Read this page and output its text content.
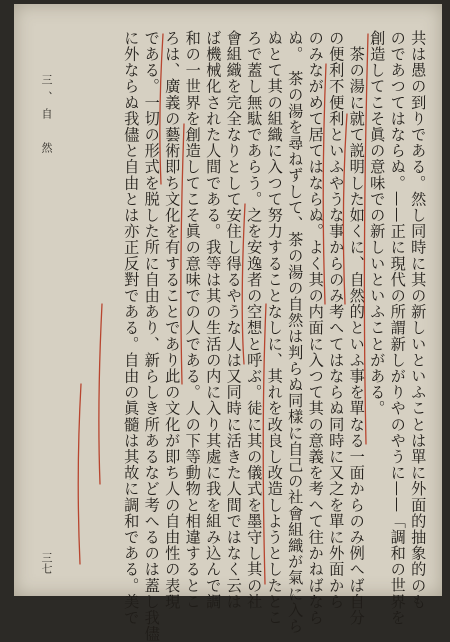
共は愚の到りである。然し同時に其の新しいといふことは單に外面的抽象的のも
のであつてはならぬ。——正に現代の所謂新しがりやのやうに——「調和の世界を
創造してこそ眞の意味での新しいといふことがある。
　茶の湯に就て説明した如くに、自然的といふ事を單なる一面からのみ例へば自分
の便利不便利といふやうな事からのみ考へてはならぬ同時に又之を單に外面から
のみながめて居てはならぬ。よく其の内面に入つて其の意義を考へて往かねばなら
ぬ。　茶の湯を尋ねずして、茶の湯の自然は判らぬ同樣に自己の社會組織が氣に入ら
ぬとて其の組織に入つて努力することなしに、其れを改良し改造しようとしたとこ
ろで蓋し無駄であらう。之を安逸者の空想と呼ぶ。徒に其の儀式を墨守し其の社
會組織を完全なりとして安住し得るやうな人は又同時に活きた人間ではなく云は
ば機械化された人間である。我等は其の生活の内に入り其處に我を組み込んで調
和の一世界を創造してこそ眞の意味での人である。人の下等動物と相違するとこ
ろは、廣義の藝術即ち文化を有することであり此の文化が即ち人の自由性の表現
である。一切の形式を脱した所に自由あり、新らしき所あるなど考へるのは蓋し我儘
に外ならぬ我儘と自由とは亦正反對である。自由の眞髓は其故に調和である。美で
三、自　然
三七
